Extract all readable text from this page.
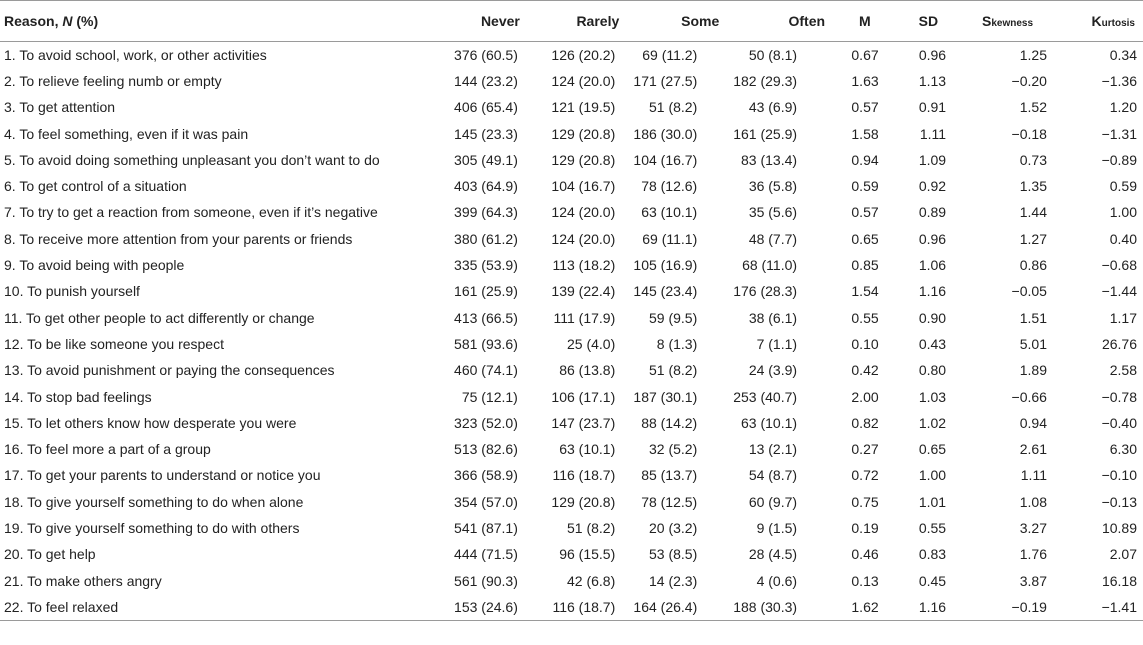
Reason, N (%)	Never	Rarely	Some	Often	M	SD	Skewness	Kurtosis
1. To avoid school, work, or other activities	376 (60.5)	126 (20.2)	69 (11.2)	50 (8.1)	0.67	0.96	1.25	0.34
2. To relieve feeling numb or empty	144 (23.2)	124 (20.0)	171 (27.5)	182 (29.3)	1.63	1.13	−0.20	−1.36
3. To get attention	406 (65.4)	121 (19.5)	51 (8.2)	43 (6.9)	0.57	0.91	1.52	1.20
4. To feel something, even if it was pain	145 (23.3)	129 (20.8)	186 (30.0)	161 (25.9)	1.58	1.11	−0.18	−1.31
5. To avoid doing something unpleasant you don’t want to do	305 (49.1)	129 (20.8)	104 (16.7)	83 (13.4)	0.94	1.09	0.73	−0.89
6. To get control of a situation	403 (64.9)	104 (16.7)	78 (12.6)	36 (5.8)	0.59	0.92	1.35	0.59
7. To try to get a reaction from someone, even if it’s negative	399 (64.3)	124 (20.0)	63 (10.1)	35 (5.6)	0.57	0.89	1.44	1.00
8. To receive more attention from your parents or friends	380 (61.2)	124 (20.0)	69 (11.1)	48 (7.7)	0.65	0.96	1.27	0.40
9. To avoid being with people	335 (53.9)	113 (18.2)	105 (16.9)	68 (11.0)	0.85	1.06	0.86	−0.68
10. To punish yourself	161 (25.9)	139 (22.4)	145 (23.4)	176 (28.3)	1.54	1.16	−0.05	−1.44
11. To get other people to act differently or change	413 (66.5)	111 (17.9)	59 (9.5)	38 (6.1)	0.55	0.90	1.51	1.17
12. To be like someone you respect	581 (93.6)	25 (4.0)	8 (1.3)	7 (1.1)	0.10	0.43	5.01	26.76
13. To avoid punishment or paying the consequences	460 (74.1)	86 (13.8)	51 (8.2)	24 (3.9)	0.42	0.80	1.89	2.58
14. To stop bad feelings	75 (12.1)	106 (17.1)	187 (30.1)	253 (40.7)	2.00	1.03	−0.66	−0.78
15. To let others know how desperate you were	323 (52.0)	147 (23.7)	88 (14.2)	63 (10.1)	0.82	1.02	0.94	−0.40
16. To feel more a part of a group	513 (82.6)	63 (10.1)	32 (5.2)	13 (2.1)	0.27	0.65	2.61	6.30
17. To get your parents to understand or notice you	366 (58.9)	116 (18.7)	85 (13.7)	54 (8.7)	0.72	1.00	1.11	−0.10
18. To give yourself something to do when alone	354 (57.0)	129 (20.8)	78 (12.5)	60 (9.7)	0.75	1.01	1.08	−0.13
19. To give yourself something to do with others	541 (87.1)	51 (8.2)	20 (3.2)	9 (1.5)	0.19	0.55	3.27	10.89
20. To get help	444 (71.5)	96 (15.5)	53 (8.5)	28 (4.5)	0.46	0.83	1.76	2.07
21. To make others angry	561 (90.3)	42 (6.8)	14 (2.3)	4 (0.6)	0.13	0.45	3.87	16.18
22. To feel relaxed	153 (24.6)	116 (18.7)	164 (26.4)	188 (30.3)	1.62	1.16	−0.19	−1.41
